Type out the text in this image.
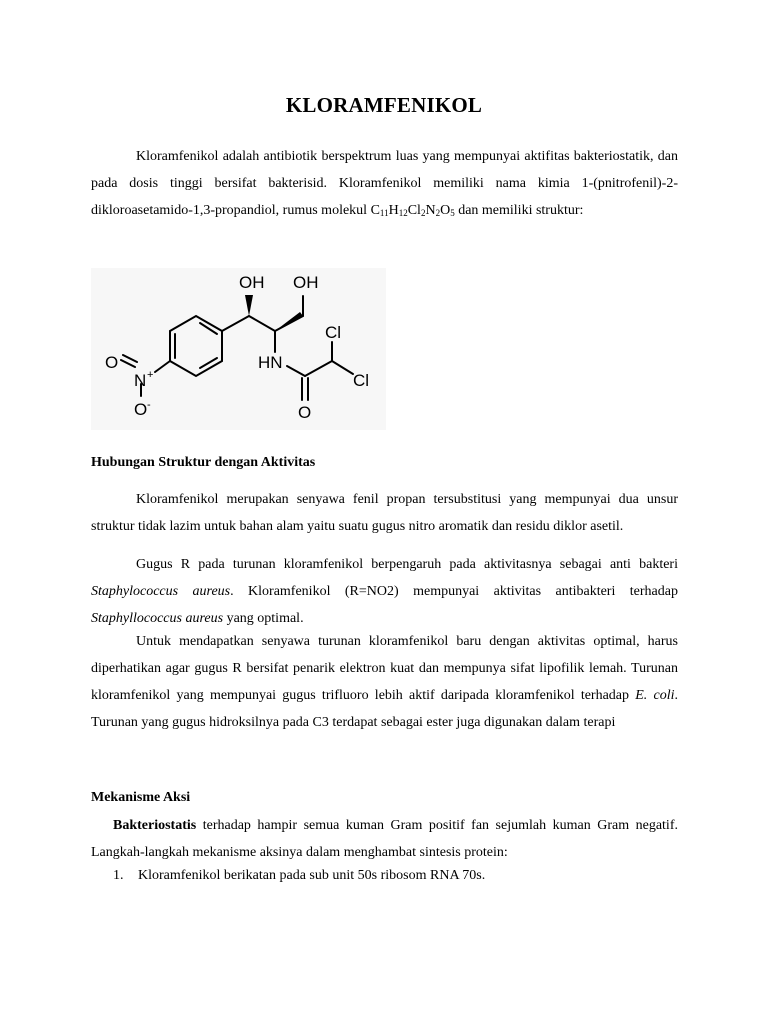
KLORAMFENIKOL

Kloramfenikol adalah antibiotik berspektrum luas yang mempunyai aktifitas bakteriostatik, dan pada dosis tinggi bersifat bakterisid. Kloramfenikol memiliki nama kimia 1-(pnitrofenil)-2-dikloroasetamido-1,3-propandiol, rumus molekul $C_{11}H_{12}Cl_2N_2O_5$ dan memiliki struktur:

OH OH
Cl
Cl
HN
O
O
N +
O -

Hubungan Struktur dengan Aktivitas

Kloramfenikol merupakan senyawa fenil propan tersubstitusi yang mempunyai dua unsur struktur tidak lazim untuk bahan alam yaitu suatu gugus nitro aromatik dan residu diklor asetil.

Gugus R pada turunan kloramfenikol berpengaruh pada aktivitasnya sebagai anti bakteri Staphylococcus aureus. Kloramfenikol (R=NO2) mempunyai aktivitas antibakteri terhadap Staphyllococcus aureus yang optimal.

Untuk mendapatkan senyawa turunan kloramfenikol baru dengan aktivitas optimal, harus diperhatikan agar gugus R bersifat penarik elektron kuat dan mempunya sifat lipofilik lemah. Turunan kloramfenikol yang mempunyai gugus trifluoro lebih aktif daripada kloramfenikol terhadap E. coli. Turunan yang gugus hidroksilnya pada C3 terdapat sebagai ester juga digunakan dalam terapi

Mekanisme Aksi

Bakteriostatis terhadap hampir semua kuman Gram positif fan sejumlah kuman Gram negatif. Langkah-langkah mekanisme aksinya dalam menghambat sintesis protein:

1. Kloramfenikol berikatan pada sub unit 50s ribosom RNA 70s.
